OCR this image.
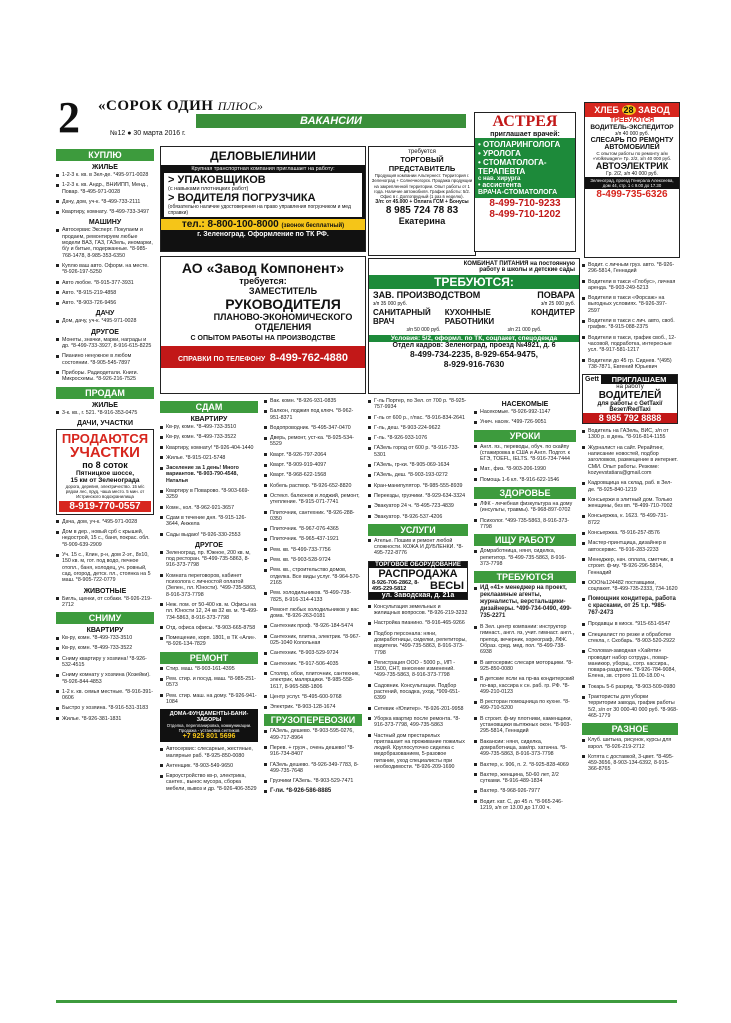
2 «СОРОК ОДИН ПЛЮС»
№12 ● 30 марта 2016 г.
ВАКАНСИИ
КУПЛЮ
ЖИЛЬЕ
1-2-3 к. кв. в Зел-де. *495-971-0028
1-2-3 к. кв. Андр., ВНИИПП, Менд., Повар. *8-495-971-0028
Дачу, дом, уч-к. *8-499-733-2111
Квартиру, комнату. *8-499-733-3497
МАШИНУ
Автосервис Эксперт. Покупаем и продаем, ремонтируем любые модели ВАЗ, ГАЗ, ГАЗель, иномарки, б/у и битые, подержанные. *8-985-768-1478, 8-985-353-6350
Куплю ваш авто. Оформ. на месте. *8-926-197-5250
Авто любое. *8-915-377-3931
Авто. *8-915-219-4858
Авто. *8-903-726-9456
ДАЧУ
Дом, дачу, уч-к. *495-971-0028
ДРУГОЕ
Монеты, значки, марки, награды и др. *8-499-733-3927, 8-916-615-8225
Пианино ненужное в любом состоянии. *8-905-545-7897
Приборы. Радиодетали. Книги. Микросхемы. *8-926-216-7525
ПРОДАМ
ЖИЛЬЕ
3-к. кв., г. 521. *8-916-353-0475
ДАЧИ, УЧАСТКИ
ПРОДАЮТСЯ
УЧАСТКИ
по 8 соток
Пятницкое шоссе,
15 км от Зеленограда
дорога, деревня, электричество. 15 м/с рядом лес, пруд, чаша место. 5 мин. от Истринского водохранилища
8-919-770-0557
Дача, дом, уч-к. *495-971-0028
Дом в дер., новый срб с крышей, недострой, 15 с., баня, покрас. обл. *8-909-639-2909
Уч. 15 с., Клин, р-н, дом 2-эт., 8х10, 150 кв. м, гот. под водо, печное отопл., баня, колодец, уч. ровный, сад, огород, детск. пл., стоянка на 5 маш. *8-905-722-0779
ЖИВОТНЫЕ
Бигль, щенки, от собаки. *8-926-219-2712
СНИМУ
КВАРТИРУ
Кв-ру, комн. *8-499-733-3510
Кв-ру, комн. *8-499-733-3522
Сниму квартиру у хозяина! *8-926-532-4515
Сниму комнату у хозяина (Козейки). *8-926-844-4853
1-2 к. кв. семья местные. *8-916-391-0606
Быстро у хозяина. *8-916-531-3183
Жилье. *8-926-381-1831
ДЕЛОВЫЕЛИНИИ
Крупная транспортная компания приглашает на работу:
> УПАКОВЩИКОВ
(с навыками плотницких работ)
> ВОДИТЕЛЯ ПОГРУЗЧИКА
(обязательно наличие удостоверения на право управления погрузчиком и мед справки)
тел.: 8-800-100-8000 (звонок бесплатный)
г. Зеленоград. Оформление по ТК РФ.
требуется
ТОРГОВЫЙ ПРЕДСТАВИТЕЛЬ
Продукция компании Альтернест. Территория г. Зеленоград + Солнечногорск. Продажа продукции на закрепленной территории. Опыт работы от 1 года. Наличие автомобиля. График работы: 5/2. Офис в г. Долгопрудный (1 раз в неделю).
З/п: от 45.000 + Оплата ГСМ + Бонусы
8 985 724 78 83
Екатерина
АСТРЕЯ
приглашает врачей:
• ОТОЛАРИНГОЛОГА
• УРОЛОГА
• СТОМАТОЛОГА-ТЕРАПЕВТА
с нав. хирурга
• ассистента
ВРАЧА-СТОМАТОЛОГА
8-499-710-9233
8-499-710-1202
ХЛЕБ 28 ЗАВОД
ТРЕБУЮТСЯ
ВОДИТЕЛЬ-ЭКСПЕДИТОР
з/п 40 000 руб.
СЛЕСАРЬ ПО РЕМОНТУ АВТОМОБИЛЕЙ
С опытом работы по ремонту а/м «Volkswagen» Гр. 2/2, з/п 40 000 руб.
АВТОЭЛЕКТРИК
Гр. 2/2, з/п 40 000 руб.
Зеленоград, проезд Генерала Алексеева, дом 44, стр. 1 с 9.00 до 17.30
8-499-735-6326
АО «Завод Компонент»
требуется:
ЗАМЕСТИТЕЛЬ
РУКОВОДИТЕЛЯ
ПЛАНОВО-ЭКОНОМИЧЕСКОГО
ОТДЕЛЕНИЯ
С ОПЫТОМ РАБОТЫ НА ПРОИЗВОДСТВЕ
СПРАВКИ ПО ТЕЛЕФОНУ 8-499-762-4880
КОМБИНАТ ПИТАНИЯ на постоянную работу в школы и детские сады
ТРЕБУЮТСЯ:
ЗАВ. ПРОИЗВОДСТВОМ	ПОВАРА
з/п 35 000 руб.	з/п 25 000 руб.
САНИТАРНЫЙ ВРАЧ
КУХОННЫЕ РАБОТНИКИ
КОНДИТЕР
з/п 50 000 руб.	з/п 21 000 руб.
Условия: 5/2, оформл. по ТК, соцпакет, спецодежда
Отдел кадров: Зеленоград, проезд №4921, д. 6
8-499-734-2235, 8-929-654-9475,
8-929-916-7630
СДАМ
КВАРТИРУ
Кв-ру, комн. *8-499-733-3510
Кв-ру, комн. *8-499-733-3522
Квартиру, комнату! *8-926-404-1440
Жилье. *8-915-021-5748
Заселение за 1 день! Много вариантов. *8-903-790-4548, Наталья
Квартиру в Поварово. *8-903-669-3259
Комн., кол. *8-962-921-3657
Сдам в течение дня. *8-915-126-3644, Анжела
Сады выдаю! *8-926-330-2553
ДРУГОЕ
Зеленоград, пр. Южное, 200 кв. м, под ресторан. *8-499-735-5863, 8-916-373-7798
Комната переговоров, кабинет психолога с личностой оплатой (Зелен., пл. Юности). *499-735-5863, 8-916-373-7798
Неж. пом. от 50-400 кв. м. Офисы на пл. Юности 12, 24 кв 32 кв. м. *8-499-734-5863, 8-916-373-7798
Отд. офиса офисы. *8-903-665-8758
Помещение, корп. 1801, в ТК «Али». *8-926-134-7829
РЕМОНТ
Стир. маш. *8-903-161-4395
Рем. стир. и посуд. маш. *8-985-251-0573
Рем. стир. маш. на дому. *8-926-941-1084
ДОМА-ФУНДАМЕНТЫ-БАНИ-ЗАБОРЫ
Отделка, перепланировка, коммуникации. Продажа - установка септиков
+7 925 801 5696
Автосервис: слесарные, жестяные, малярные раб. *8-925-850-0080
Антенщик. *8-903-549-9650
Евроустройство кв-р, электрика, сантех., вынос мусора, сборка мебели, вывоз и др. *8-926-406-3529
Вак. комн. *8-926-931-0835
Балкон, лоджия под ключ. *8-962-951-8371
Водопроводник. *8-495-347-0470
Дверь, ремонт, уст-ка. *8-925-534-5529
Кварт. *8-926-797-2064
Кварт. *8-909-919-4097
Кварт. *8-968-622-1568
Кобель раствор. *8-926-652-8820
Остекл. балконов и лоджий, ремонт, утепление. *8-915-071-7741
Плиточник, сантехник. *8-926-288-0350
Плиточник. *8-967-076-4365
Плиточник. *8-965-437-1921
Рем. кв. *8-499-733-7756
Рем. кв. *8-903-528-9724
Рем. кв., строительство домов, отделка. Все виды услуг. *8-964-570-2165
Рем. холодильников. *8-499-738-7825, 8-916-314-4133
Ремонт любых холодильников у вас дома. *8-926-263-0181
Сантехник проф. *8-926-184-5474
Сантехник, плитка, электрик. *8-967-025-1040 Колольная
Сантехник. *8-903-529-9724
Сантехник. *8-917-506-4035
Столяр, обои, плиточник, сантехник, электрик, малярщики. *8-985-558-1617, 8-965-588-1806
Центр услуг. *8-495-600-9768
Электрик. *8-903-128-1674
ГРУЗОПЕРЕВОЗКИ
ГАЗель, дешево. *8-903-595-0276, 499-717-8964
Перев. + грузч., очень дешево! *8-916-734-8407
ГАЗель дешево. *8-926-349-7783, 8-499-735-7648
Грузчики ГАЗель. *8-903-529-7471
Г-ли. *8-926-586-8885
Г-ль Портер, по Зел. от 700 р. *8-925-757-9934
Г-ль от 600 р., г/пас. *8-916-834-2641
Г-ль, деш. *8-903-224-9622
Г-ль. *8-926-933-1076
ГАЗель город от 600 р. *8-916-733-5301
ГАЗель, гр-ки. *8-905-069-1634
ГАЗель, деш. *8-903-193-0272
Кран-манипулятор. *8-985-555-8939
Переезды, грузчики. *8-929-634-3324
Эвакуатор 24 ч. *8-495-723-4839
Эвакуатор. *8-926-537-4206
УСЛУГИ
Ателье. Пошив и ремонт любой сложности. КОЖА И ДУБЛЕНКИ. *8-495-722-8776
ТОРГОВОЕ ОБОРУДОВАНИЕ
РАСПРОДАЖА
8-926-706-2862, 8-495-229-5812	ВЕСЫ
ул. Заводская, д. 21а
Консультация земельных и жилищных вопросов. *8-926-219-3232
Настройка пианино. *8-916-465-9266
Подбор персонала: няни, домработницы, сиделки, репетиторы, водители. *499-735-5863, 8-916-373-7798
Регистрация ООО - 5000 р., ИП - 1500, СНТ, внесение изменений. *499-735-5863, 8-916-373-7798
Садовник. Консультации. Подбор растений, посадка, уход. *909-651-6399
Сетевик «Юпитер». *8-926-201-9958
Уборка квартир после ремонта. *8-916-373-7798, 499-735-5863
Частный дом престарелых приглашает на проживание пожилых людей. Круглосуточно сиделка с медобразованием, 5-разовое питание, уход специалисты при необходимости. *8-926-209-1690
НАСЕКОМЫЕ
Насекомые. *8-926-992-1147
Унич. насек. *499-726-9051
УРОКИ
Англ. яз., переводы, обуч. по скайпу (стажировка в США и Англ. Подгот. к ЕГЭ, ТОЕFL, IELTS. *8-916-734-7444
Мат., физ. *8-903-206-1990
Помощь 1-6 кл. *8-916-622-1546
ЗДОРОВЬЕ
ЛФК - лечебная физкультура на дому (инсульты, травмы). *8-968-897-0702
Психолог. *499-735-5863, 8-916-373-7798
ИЩУ РАБОТУ
Домработница, няня, сиделка, репетитор. *8-499-735-5863, 8-916-373-7798
ТРЕБУЮТСЯ
ИД «41» менеджер на проект, реклаамные агенты, журналисты, верстальщики-дизайнеры. *499-734-0490, 499-735-2271
В Зел. центр компании: инструктор гимнаст., англ. яз, учит. гимнаст. англ., препод. вечерник, хореограф, ЛФК. Образ. сред. мед. пол. *8-499-738-6938
В автосервис слесаря моторщики. *8-925-850-0080
В детские ясли на пр-ва кондитерский по-вар, кассира к сн. раб. гр. РФ. *8-499-210-0123
В ресторан помощница по кухне. *8-499-710-5200
В строит. ф-му плотники, каменщики, установщики вытяжных окон. *8-903-295-5814, Геннадий
Вакансии: няня, сиделка, домработница, зам/пр. хатачна. *8-499-735-5863, 8-916-373-7798
Вахтер, к. 906, п. 2. *8-925-828-4069
Вахтер, женщина, 50-60 лет, 2/2 сутками. *8-916-489-1834
Вахтер. *8-968-926-7977
Водит. кат. С, до 45 л. *8-965-246-1219, з/п от 13.00 до 17.00 ч.
Водит. с личным груз. авто. *8-926-296-5814, Геннадий
Водители в такси «Глобус», личная аренда. *8-903-249-5213
Водители в такси «Форсаж» на выгодных условиях. *8-926-397-2597
Водители в такси с лич. авто, своб. график. *8-915-088-2375
Водители в такси, график своб., 12-часовой, подработка, интересные усл. *8-917-581-1217
Водители до 45 гр. Сиднев. *(495) 738-7871, Евгений Юрьевич
Gett	ПРИГЛАШАЕМ
на работу
ВОДИТЕЛЕЙ
для работы с GetTaxi/ Везет/RedTaxi
8 985 792 8888
Водитель на ГАЗель, ВИС, з/п от 1300 р. в день. *8-916-814-1155
Журналист на сайт. Рерайтинг, написание новостей, подбор заголовков, размещение в интернет. СМИ. Опыт работы. Резюме: kozyevstatiara@gmail.com
Кадровщица на склад, раб. в Зел-де. *8-925-840-1219
Консьержи в элитный дом. Только женщины, без вп. *8-499-710-7002
Консьержка, к. 1623. *8-499-731-8722
Консьержка. *8-916-257-8576
Мастер-принтщица, дизайнер в автосервис. *8-916-283-2233
Менеджер, нач. оплата, сметчик, в строит. ф-му. *8-926-296-5814, Геннадий
ООО№124482 поставщики, соцпакет. *8-499-735-2333, 734-1620
Помощник кондитера, работа с красками, от 25 т.р. *985-767-2473
Продавцы в киоск. *915-651-6547
Специалист по резке и обработке стекла, г. Скобарь. *8-903-520-2922
Столовая-заводная «Хайяти» проводит набор сотрудн., повар-маникюр, уборщ., сотр. кассира., повара-раздатчик. *8-926-784-9084, Елена, зв. строго 11.00-18.00 ч.
Токарь 5-6 разряд. *8-903-509-0980
Трактористы для уборки территории завода, график работы 5/2, з/п от 30 000-40 000 руб. *8-968-465-1779
РАЗНОЕ
Клуб. шитьна, рисунок, курсы для взрол. *8-926-219-2712
Котята с доставкой, 3-цвет. *8-495-459-3656, 8-903-134-6392, 8-915-366-8765
